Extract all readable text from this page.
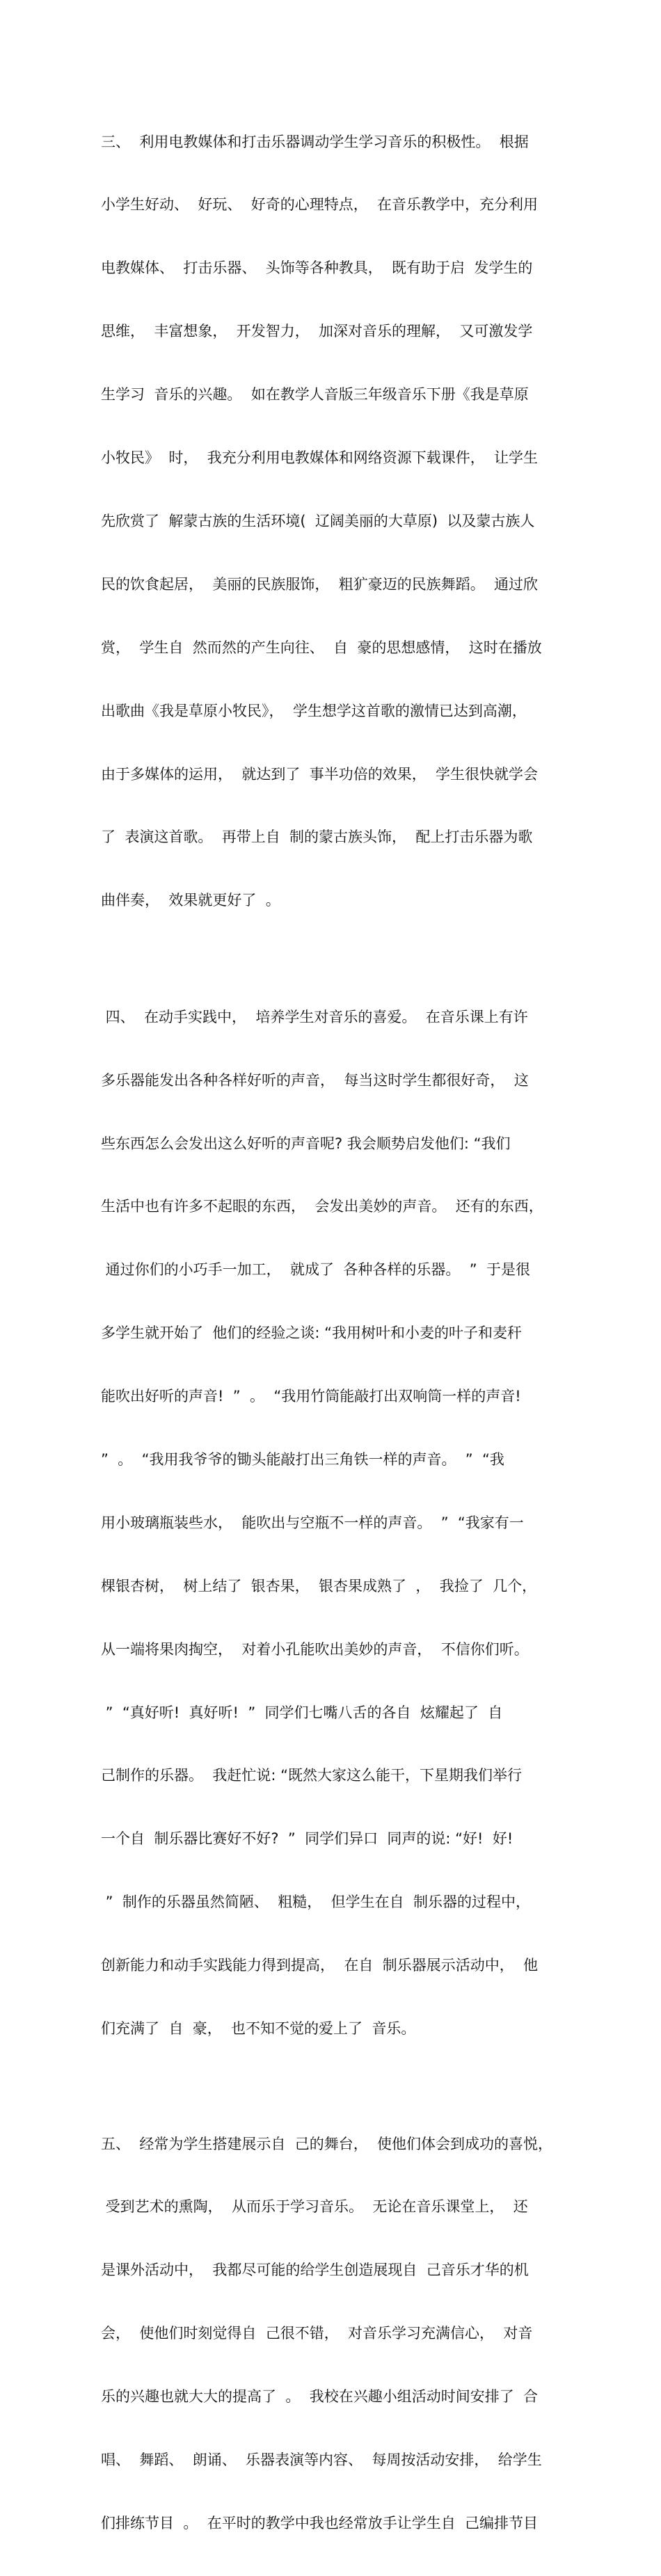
三、  利用电教媒体和打击乐器调动学生学习音乐的积极性。  根据

小学生好动、  好玩、  好奇的心理特点，  在音乐教学中，充分利用

电教媒体、  打击乐器、  头饰等各种教具，  既有助于启  发学生的

思维，  丰富想象，  开发智力，  加深对音乐的理解，  又可激发学

生学习  音乐的兴趣。  如在教学人音版三年级音乐下册《我是草原

小牧民》  时，  我充分利用电教媒体和网络资源下载课件，  让学生

先欣赏了  解蒙古族的生活环境(  辽阔美丽的大草原)  以及蒙古族人

民的饮食起居，  美丽的民族服饰，  粗犷豪迈的民族舞蹈。  通过欣

赏，  学生自  然而然的产生向往、  自  豪的思想感情，  这时在播放

出歌曲《我是草原小牧民》，  学生想学这首歌的激情已达到高潮，

由于多媒体的运用，  就达到了  事半功倍的效果，  学生很快就学会

了  表演这首歌。  再带上自  制的蒙古族头饰，  配上打击乐器为歌

曲伴奏，  效果就更好了  。

四、  在动手实践中，  培养学生对音乐的喜爱。  在音乐课上有许

多乐器能发出各种各样好听的声音，  每当这时学生都很好奇，  这

些东西怎么会发出这么好听的声音呢? 我会顺势启发他们: “我们

生活中也有许多不起眼的东西，  会发出美妙的声音。  还有的东西，

通过你们的小巧手一加工，  就成了  各种各样的乐器。  ”  于是很

多学生就开始了  他们的经验之谈: “我用树叶和小麦的叶子和麦秆

能吹出好听的声音!  ”  。  “我用竹筒能敲打出双响筒一样的声音!

”  。  “我用我爷爷的锄头能敲打出三角铁一样的声音。  ”  “我

用小玻璃瓶装些水，  能吹出与空瓶不一样的声音。  ”  “我家有一

棵银杏树，  树上结了  银杏果，  银杏果成熟了  ，  我捡了  几个，

从一端将果肉掏空，  对着小孔能吹出美妙的声音，  不信你们听。

”  “真好听!  真好听!  ”  同学们七嘴八舌的各自  炫耀起了  自

己制作的乐器。  我赶忙说: “既然大家这么能干，下星期我们举行

一个自  制乐器比赛好不好?  ”  同学们异口  同声的说: “好!  好!

”  制作的乐器虽然简陋、  粗糙，  但学生在自  制乐器的过程中，

创新能力和动手实践能力得到提高，  在自  制乐器展示活动中，  他

们充满了  自  豪，  也不知不觉的爱上了  音乐。

五、  经常为学生搭建展示自  己的舞台，  使他们体会到成功的喜悦，

受到艺术的熏陶，  从而乐于学习音乐。  无论在音乐课堂上，  还

是课外活动中，  我都尽可能的给学生创造展现自  己音乐才华的机

会，  使他们时刻觉得自  己很不错，  对音乐学习充满信心，  对音

乐的兴趣也就大大的提高了  。  我校在兴趣小组活动时间安排了  合

唱、  舞蹈、  朗诵、  乐器表演等内容、  每周按活动安排，  给学生

们排练节目  。  在平时的教学中我也经常放手让学生自  己编排节目
